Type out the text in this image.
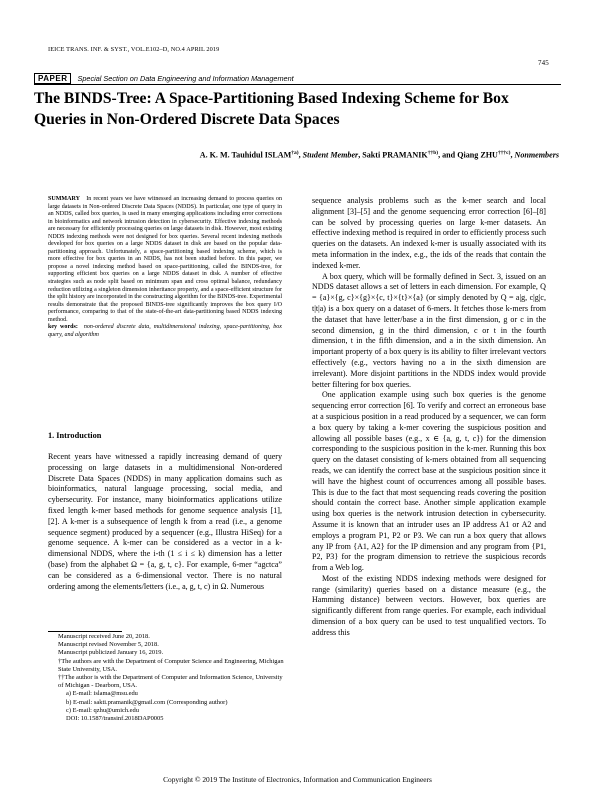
IEICE TRANS. INF. & SYST., VOL.E102–D, NO.4 APRIL 2019
745
PAPER Special Section on Data Engineering and Information Management
The BINDS-Tree: A Space-Partitioning Based Indexing Scheme for Box Queries in Non-Ordered Discrete Data Spaces
A. K. M. Tauhidul ISLAM$^{\dagger a)}$, Student Member, Sakti PRAMANIK$^{\dagger\dagger b)}$, and Qiang ZHU$^{\dagger\dagger\dagger c)}$, Nonmembers

SUMMARY In recent years we have witnessed an increasing demand to process queries on large datasets in Non-ordered Discrete Data Spaces (NDDS). In particular, one type of query in an NDDS, called box queries, is used in many emerging applications including error corrections in bioinformatics and network intrusion detection in cybersecurity. Effective indexing methods are necessary for efficiently processing queries on large datasets in disk. However, most existing NDDS indexing methods were not designed for box queries. Several recent indexing methods developed for box queries on a large NDDS dataset in disk are based on the popular data-partitioning approach. Unfortunately, a space-partitioning based indexing scheme, which is more effective for box queries in an NDDS, has not been studied before. In this paper, we propose a novel indexing method based on space-partitioning, called the BINDS-tree, for supporting efficient box queries on a large NDDS dataset in disk. A number of effective strategies such as node split based on minimum span and cross optimal balance, redundancy reduction utilizing a singleton dimension inheritance property, and a space-efficient structure for the split history are incorporated in the constructing algorithm for the BINDS-tree. Experimental results demonstrate that the proposed BINDS-tree significantly improves the box query I/O performance, comparing to that of the state-of-the-art data-partitioning based NDDS indexing method.

key words: non-ordered discrete data, multidimensional indexing, space-partitioning, box query, and algorithm

1. Introduction

Recent years have witnessed a rapidly increasing demand of query processing on large datasets in a multidimensional Non-ordered Discrete Data Spaces (NDDS) in many application domains such as bioinformatics, natural language processing, social media, and cybersecurity. For instance, many bioinformatics applications utilize fixed length k-mer based methods for genome sequence analysis [1], [2]. A k-mer is a subsequence of length k from a read (i.e., a genome sequence segment) produced by a sequencer (e.g., Illustra HiSeq) for a genome sequence. A k-mer can be considered as a vector in a k-dimensional NDDS, where the i-th (1 ≤ i ≤ k) dimension has a letter (base) from the alphabet Ω = {a, g, t, c}. For example, 6-mer “agctca” can be considered as a 6-dimensional vector. There is no natural ordering among the elements/letters (i.e., a, g, t, c) in Ω. Numerous

Manuscript received June 20, 2018.
Manuscript revised November 5, 2018.
Manuscript publicized January 16, 2019.
†The authors are with the Department of Computer Science and Engineering, Michigan State University, USA.
††The author is with the Department of Computer and Information Science, University of Michigan - Dearborn, USA.
a) E-mail: islama@msu.edu
b) E-mail: sakti.pramanik@gmail.com (Corresponding author)
c) E-mail: qzhu@umich.edu
DOI: 10.1587/transinf.2018DAP0005

sequence analysis problems such as the k-mer search and local alignment [3]–[5] and the genome sequencing error correction [6]–[8] can be solved by processing queries on large k-mer datasets. An effective indexing method is required in order to efficiently process such queries on the datasets. An indexed k-mer is usually associated with its meta information in the index, e.g., the ids of the reads that contain the indexed k-mer.

A box query, which will be formally defined in Sect. 3, issued on an NDDS dataset allows a set of letters in each dimension. For example, Q = {a}×{g, c}×{g}×{c, t}×{t}×{a} (or simply denoted by Q = a|g, c|g|c, t|t|a) is a box query on a dataset of 6-mers. It fetches those k-mers from the dataset that have letter/base a in the first dimension, g or c in the second dimension, g in the third dimension, c or t in the fourth dimension, t in the fifth dimension, and a in the sixth dimension. An important property of a box query is its ability to filter irrelevant vectors effectively (e.g., vectors having no a in the sixth dimension are irrelevant). More disjoint partitions in the NDDS index would provide better filtering for box queries.

One application example using such box queries is the genome sequencing error correction [6]. To verify and correct an erroneous base at a suspicious position in a read produced by a sequencer, we can form a box query by taking a k-mer covering the suspicious position and allowing all possible bases (e.g., x ∈ {a, g, t, c}) for the dimension corresponding to the suspicious position in the k-mer. Running this box query on the dataset consisting of k-mers obtained from all sequencing reads, we can identify the correct base at the suspicious position since it will have the highest count of occurrences among all possible bases. This is due to the fact that most sequencing reads covering the position should contain the correct base. Another simple application example using box queries is the network intrusion detection in cybersecurity. Assume it is known that an intruder uses an IP address A1 or A2 and employs a program P1, P2 or P3. We can run a box query that allows any IP from {A1, A2} for the IP dimension and any program from {P1, P2, P3} for the program dimension to retrieve the suspicious records from a Web log.

Most of the existing NDDS indexing methods were designed for range (similarity) queries based on a distance measure (e.g., the Hamming distance) between vectors. However, box queries are significantly different from range queries. For example, each individual dimension of a box query can be used to test unqualified vectors. To address this

Copyright © 2019 The Institute of Electronics, Information and Communication Engineers
